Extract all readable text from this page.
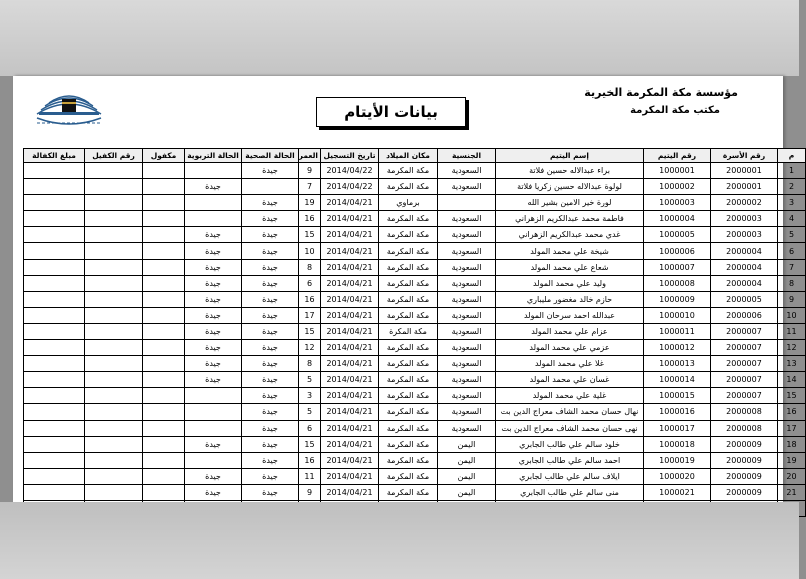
مؤسسة مكة المكرمة الخيرية
مكتب مكة المكرمة
بيانات الأيتام
م	رقم الأسرة	رقم اليتيم	إسم اليتيم	الجنسية	مكان الميلاد	تاريخ التسجيل	العمر	الحالة الصحية	الحالة التربوية	مكفول	رقم الكفيل	مبلغ الكفالة
1	2000001	1000001	براء عبدالاله حسين فلاتة	السعودية	مكة المكرمة	2014/04/22	9	جيدة				
2	2000001	1000002	لولوة عبدالاله حسين زكريا فلاتة	السعودية	مكة المكرمة	2014/04/22	7		جيدة			
3	2000002	1000003	لورة خير الامين بشير الله		برماوي	2014/04/21	19	جيدة				
4	2000003	1000004	فاطمة محمد عبدالكريم الزهراني	السعودية	مكة المكرمة	2014/04/21	16	جيدة				
5	2000003	1000005	غدي محمد عبدالكريم الزهراني	السعودية	مكة المكرمة	2014/04/21	15	جيدة	جيدة			
6	2000004	1000006	شيخة علي محمد المولد	السعودية	مكة المكرمة	2014/04/21	10	جيدة	جيدة			
7	2000004	1000007	شعاع علي محمد المولد	السعودية	مكة المكرمة	2014/04/21	8	جيدة	جيدة			
8	2000004	1000008	وليد علي محمد المولد	السعودية	مكة المكرمة	2014/04/21	6	جيدة	جيدة			
9	2000005	1000009	حازم خالد مغضور مليباري	السعودية	مكة المكرمة	2014/04/21	16	جيدة	جيدة			
10	2000006	1000010	عبدالله احمد سرحان المولد	السعودية	مكة المكرمة	2014/04/21	17	جيدة	جيدة			
11	2000007	1000011	عزام علي محمد المولد	السعودية	مكة المكرة	2014/04/21	15	جيدة	جيدة			
12	2000007	1000012	عزمي علي محمد المولد	السعودية	مكة المكرمة	2014/04/21	12	جيدة	جيدة			
13	2000007	1000013	غلا علي محمد المولد	السعودية	مكة المكرمة	2014/04/21	8	جيدة	جيدة			
14	2000007	1000014	غسان علي محمد المولد	السعودية	مكة المكرمة	2014/04/21	5	جيدة	جيدة			
15	2000007	1000015	غلية علي محمد المولد	السعودية	مكة المكرمة	2014/04/21	3	جيدة				
16	2000008	1000016	نهال حسان محمد الشاف معراج الدين بت	السعودية	مكة المكرمة	2014/04/21	5	جيدة				
17	2000008	1000017	نهى حسان محمد الشاف معراج الدين بت	السعودية	مكة المكرمة	2014/04/21	6	جيدة				
18	2000009	1000018	خلود سالم علي طالب الجابري	اليمن	مكة المكرمة	2014/04/21	15	جيدة	جيدة			
19	2000009	1000019	احمد سالم علي طالب الجابري	اليمن	مكة المكرمة	2014/04/21	16	جيدة				
20	2000009	1000020	ايلاف سالم علي طالب لجابري	اليمن	مكة المكرمة	2014/04/21	11	جيدة	جيدة			
21	2000009	1000021	منى سالم علي طالب الجابري	اليمن	مكة المكرمة	2014/04/21	9	جيدة	جيدة			
